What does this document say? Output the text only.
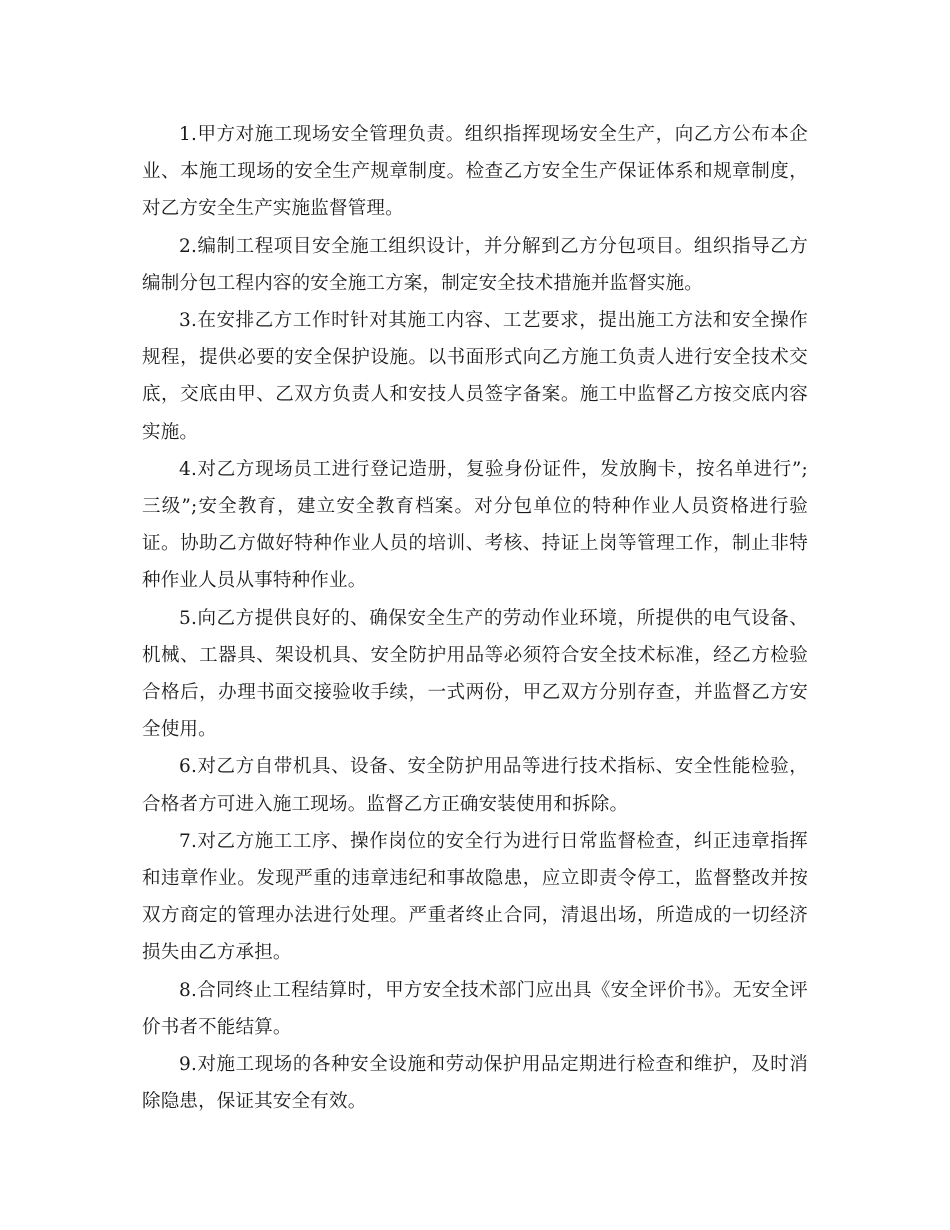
1.甲方对施工现场安全管理负责。组织指挥现场安全生产，向乙方公布本企业、本施工现场的安全生产规章制度。检查乙方安全生产保证体系和规章制度，对乙方安全生产实施监督管理。

2.编制工程项目安全施工组织设计，并分解到乙方分包项目。组织指导乙方编制分包工程内容的安全施工方案，制定安全技术措施并监督实施。

3.在安排乙方工作时针对其施工内容、工艺要求，提出施工方法和安全操作规程，提供必要的安全保护设施。以书面形式向乙方施工负责人进行安全技术交底，交底由甲、乙双方负责人和安技人员签字备案。施工中监督乙方按交底内容实施。

4.对乙方现场员工进行登记造册，复验身份证件，发放胸卡，按名单进行”;三级”;安全教育，建立安全教育档案。对分包单位的特种作业人员资格进行验证。协助乙方做好特种作业人员的培训、考核、持证上岗等管理工作，制止非特种作业人员从事特种作业。

5.向乙方提供良好的、确保安全生产的劳动作业环境，所提供的电气设备、机械、工器具、架设机具、安全防护用品等必须符合安全技术标准，经乙方检验合格后，办理书面交接验收手续，一式两份，甲乙双方分别存查，并监督乙方安全使用。

6.对乙方自带机具、设备、安全防护用品等进行技术指标、安全性能检验，合格者方可进入施工现场。监督乙方正确安装使用和拆除。

7.对乙方施工工序、操作岗位的安全行为进行日常监督检查，纠正违章指挥和违章作业。发现严重的违章违纪和事故隐患，应立即责令停工，监督整改并按双方商定的管理办法进行处理。严重者终止合同，清退出场，所造成的一切经济损失由乙方承担。

8.合同终止工程结算时，甲方安全技术部门应出具《安全评价书》。无安全评价书者不能结算。

9.对施工现场的各种安全设施和劳动保护用品定期进行检查和维护，及时消除隐患，保证其安全有效。
